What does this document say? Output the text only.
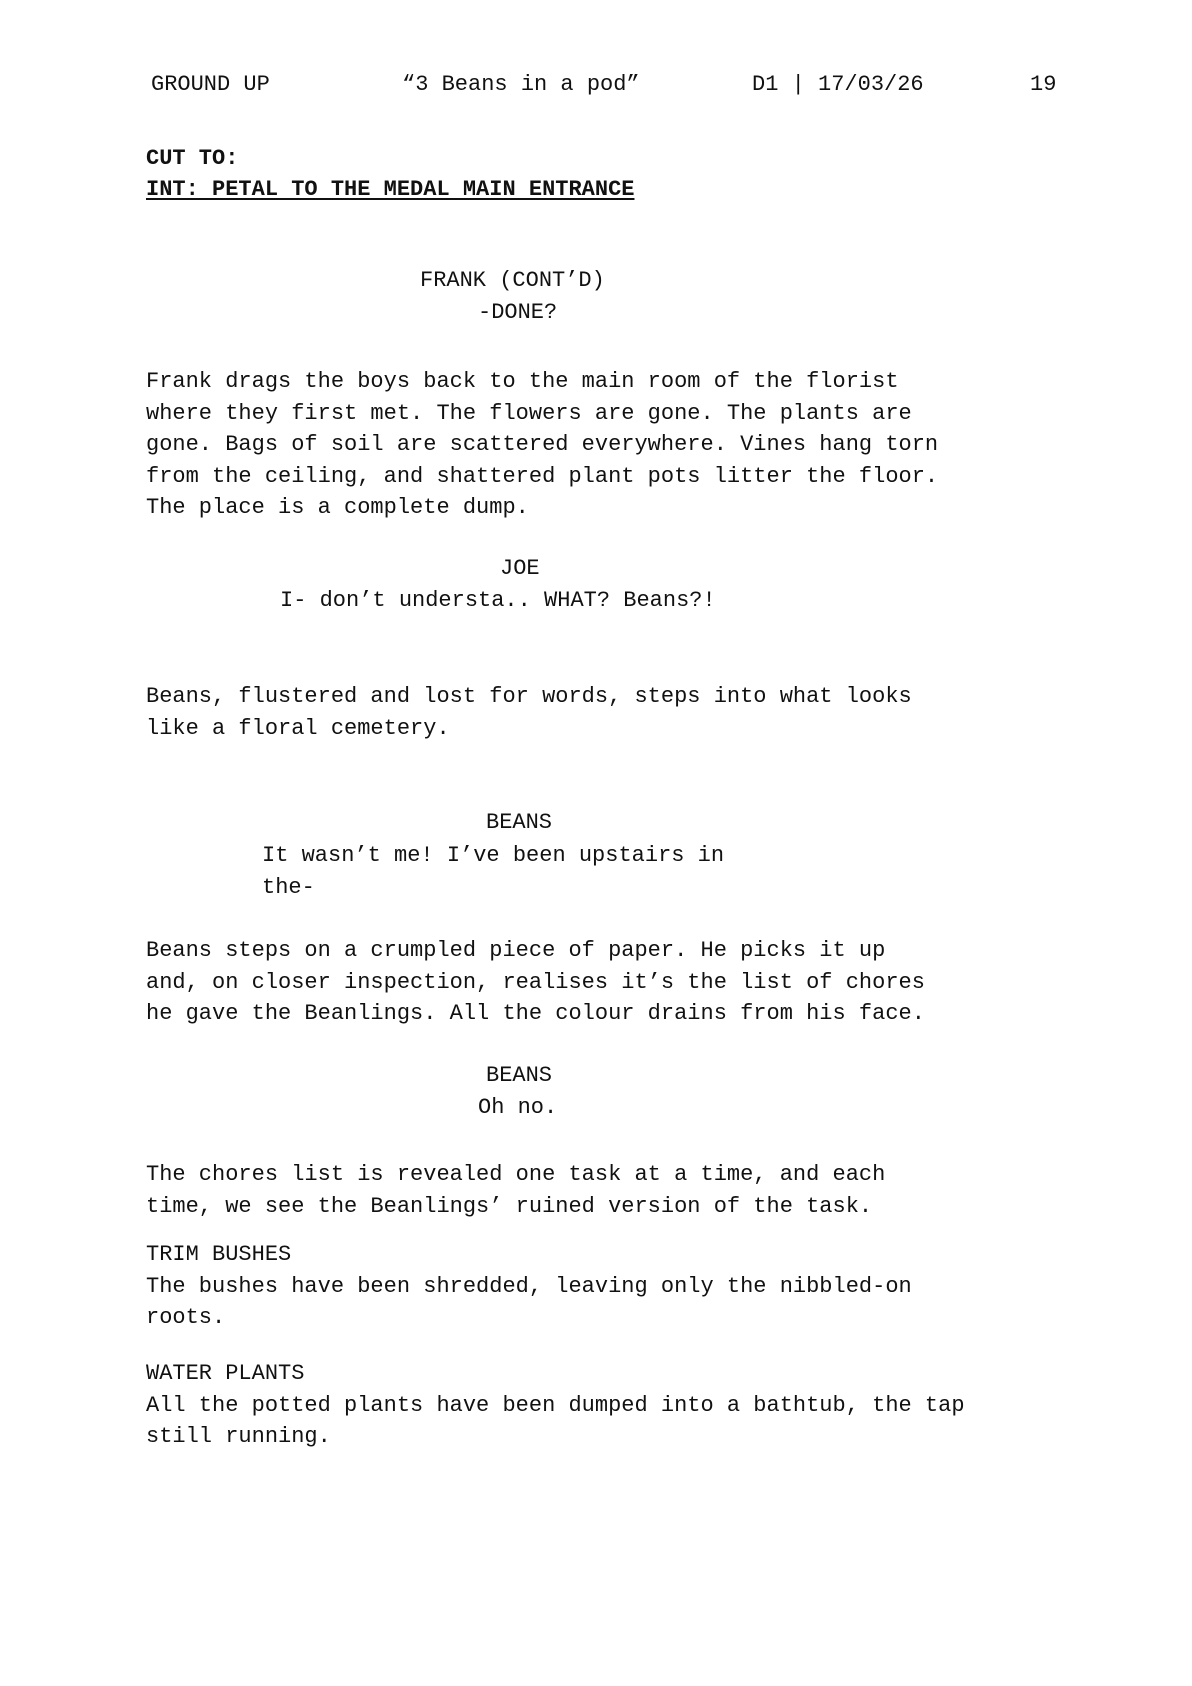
GROUND UP	“3 Beans in a pod”	D1 | 17/03/26	19
CUT TO:
INT: PETAL TO THE MEDAL MAIN ENTRANCE
FRANK (CONT’D)
-DONE?
Frank drags the boys back to the main room of the florist
where they first met. The flowers are gone. The plants are
gone. Bags of soil are scattered everywhere. Vines hang torn
from the ceiling, and shattered plant pots litter the floor.
The place is a complete dump.
JOE
I- don’t understa.. WHAT? Beans?!
Beans, flustered and lost for words, steps into what looks
like a floral cemetery.
BEANS
It wasn’t me! I’ve been upstairs in
the-
Beans steps on a crumpled piece of paper. He picks it up
and, on closer inspection, realises it’s the list of chores
he gave the Beanlings. All the colour drains from his face.
BEANS
Oh no.
The chores list is revealed one task at a time, and each
time, we see the Beanlings’ ruined version of the task.
TRIM BUSHES
The bushes have been shredded, leaving only the nibbled-on
roots.
WATER PLANTS
All the potted plants have been dumped into a bathtub, the tap
still running.
